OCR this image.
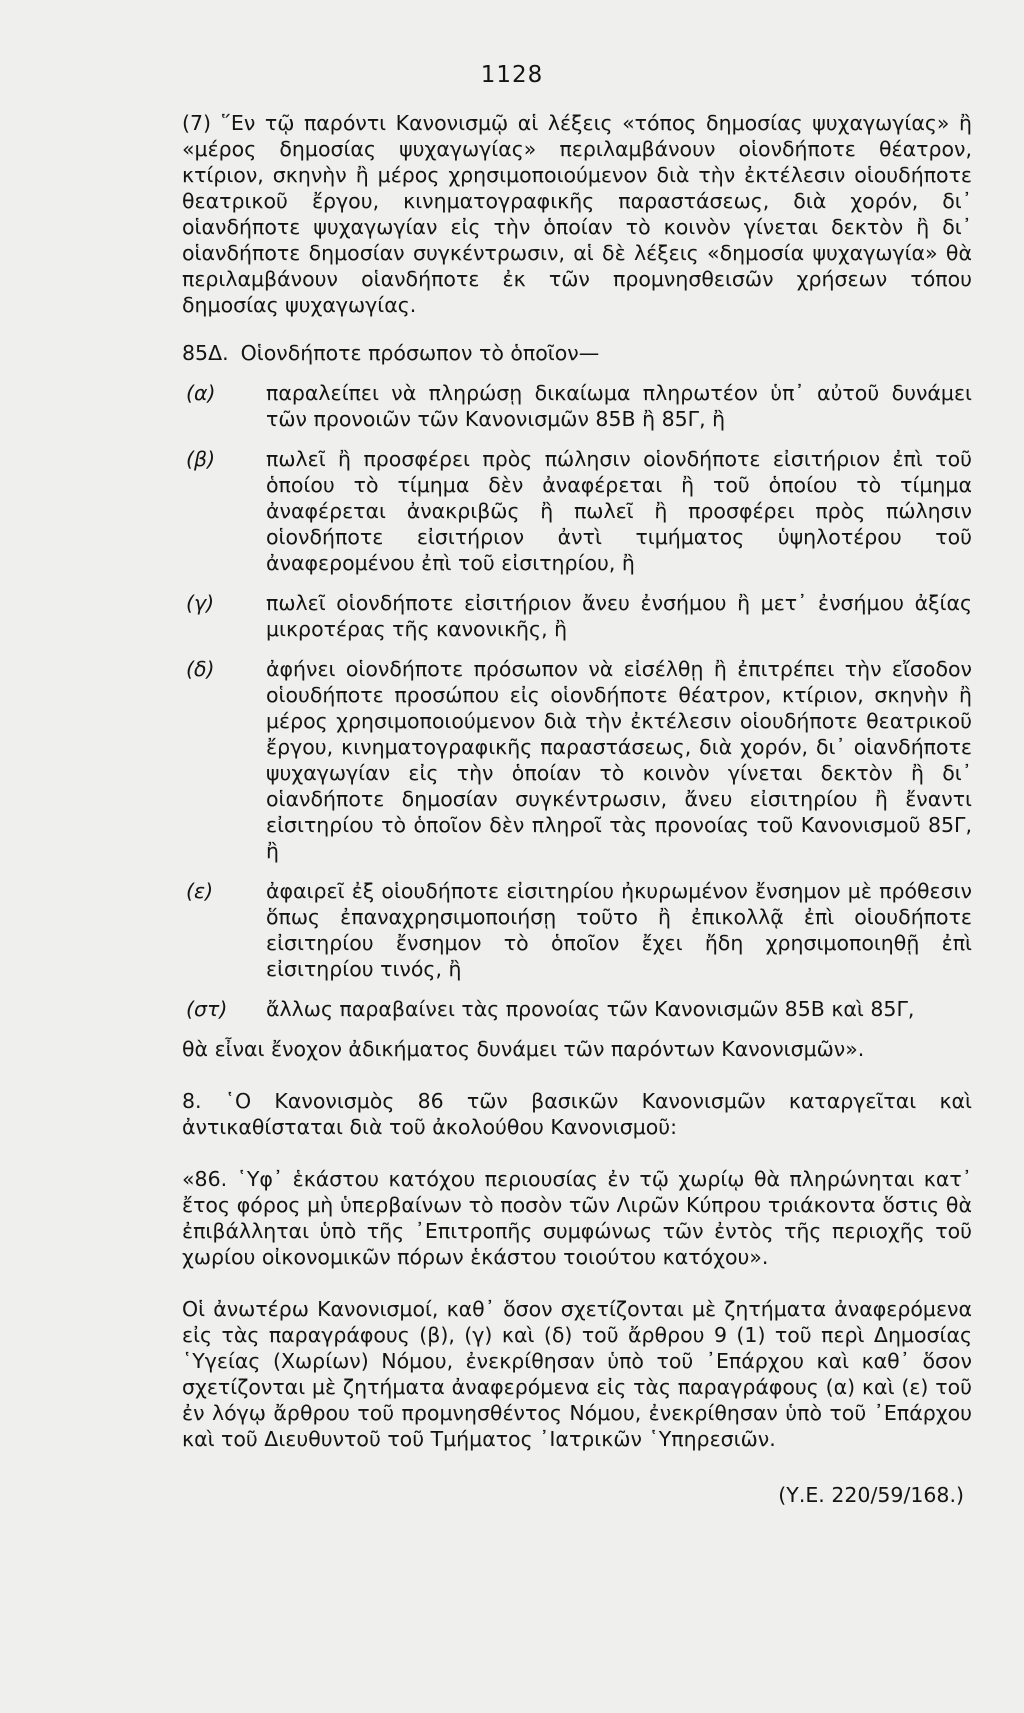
1128

(7) ῞Εν τῷ παρόντι Κανονισμῷ αἱ λέξεις «τόπος δημοσίας ψυχαγωγίας» ἢ «μέρος δημοσίας ψυχαγωγίας» περιλαμβάνουν οἱονδήποτε θέατρον, κτίριον, σκηνὴν ἢ μέρος χρησιμοποιούμενον διὰ τὴν ἐκτέλεσιν οἱουδήποτε θεατρικοῦ ἔργου, κινηματογραφικῆς παραστάσεως, διὰ χορόν, δι᾽ οἱανδήποτε ψυχαγωγίαν εἰς τὴν ὁποίαν τὸ κοινὸν γίνεται δεκτὸν ἢ δι᾽ οἱανδήποτε δημοσίαν συγκέντρωσιν, αἱ δὲ λέξεις «δημοσία ψυχαγωγία» θὰ περιλαμβάνουν οἱανδήποτε ἐκ τῶν προμνησθεισῶν χρήσεων τόπου δημοσίας ψυχαγωγίας.

85Δ. Οἱονδήποτε πρόσωπον τὸ ὁποῖον—
(α)	παραλείπει νὰ πληρώσῃ δικαίωμα πληρωτέον ὑπ᾽ αὐτοῦ δυνάμει τῶν προνοιῶν τῶν Κανονισμῶν 85Β ἢ 85Γ, ἢ
(β)	πωλεῖ ἢ προσφέρει πρὸς πώλησιν οἱονδήποτε εἰσιτήριον ἐπὶ τοῦ ὁποίου τὸ τίμημα δὲν ἀναφέρεται ἢ τοῦ ὁποίου τὸ τίμημα ἀναφέρεται ἀνακριβῶς ἢ πωλεῖ ἢ προσφέρει πρὸς πώλησιν οἱονδήποτε εἰσιτήριον ἀντὶ τιμήματος ὑψηλοτέρου τοῦ ἀναφερομένου ἐπὶ τοῦ εἰσιτηρίου, ἢ
(γ)	πωλεῖ οἱονδήποτε εἰσιτήριον ἄνευ ἐνσήμου ἢ μετ᾽ ἐνσήμου ἀξίας μικροτέρας τῆς κανονικῆς, ἢ
(δ)	ἀφήνει οἱονδήποτε πρόσωπον νὰ εἰσέλθῃ ἢ ἐπιτρέπει τὴν εἴσοδον οἱουδήποτε προσώπου εἰς οἱονδήποτε θέατρον, κτίριον, σκηνὴν ἢ μέρος χρησιμοποιούμενον διὰ τὴν ἐκτέλεσιν οἱουδήποτε θεατρικοῦ ἔργου, κινηματογραφικῆς παραστάσεως, διὰ χορόν, δι᾽ οἱανδήποτε ψυχαγωγίαν εἰς τὴν ὁποίαν τὸ κοινὸν γίνεται δεκτὸν ἢ δι᾽ οἱανδήποτε δημοσίαν συγκέντρωσιν, ἄνευ εἰσιτηρίου ἢ ἔναντι εἰσιτηρίου τὸ ὁποῖον δὲν πληροῖ τὰς προνοίας τοῦ Κανονισμοῦ 85Γ, ἢ
(ε)	ἀφαιρεῖ ἐξ οἱουδήποτε εἰσιτηρίου ἠκυρωμένον ἔνσημον μὲ πρόθεσιν ὅπως ἐπαναχρησιμοποιήσῃ τοῦτο ἢ ἐπικολλᾷ ἐπὶ οἱουδήποτε εἰσιτηρίου ἔνσημον τὸ ὁποῖον ἔχει ἤδη χρησιμοποιηθῇ ἐπὶ εἰσιτηρίου τινός, ἢ
(στ)	ἄλλως παραβαίνει τὰς προνοίας τῶν Κανονισμῶν 85Β καὶ 85Γ,

θὰ εἶναι ἔνοχον ἀδικήματος δυνάμει τῶν παρόντων Κανονισμῶν».

8. ῾Ο Κανονισμὸς 86 τῶν βασικῶν Κανονισμῶν καταργεῖται καὶ ἀντικαθίσταται διὰ τοῦ ἀκολούθου Κανονισμοῦ:

«86. ῾Υφ᾽ ἑκάστου κατόχου περιουσίας ἐν τῷ χωρίῳ θὰ πληρώνηται κατ᾽ ἔτος φόρος μὴ ὑπερβαίνων τὸ ποσὸν τῶν Λιρῶν Κύπρου τριάκοντα ὅστις θὰ ἐπιβάλληται ὑπὸ τῆς ᾽Επιτροπῆς συμφώνως τῶν ἐντὸς τῆς περιοχῆς τοῦ χωρίου οἰκονομικῶν πόρων ἑκάστου τοιούτου κατόχου».

Οἱ ἀνωτέρω Κανονισμοί, καθ᾽ ὅσον σχετίζονται μὲ ζητήματα ἀναφερόμενα εἰς τὰς παραγράφους (β), (γ) καὶ (δ) τοῦ ἄρθρου 9 (1) τοῦ περὶ Δημοσίας ῾Υγείας (Χωρίων) Νόμου, ἐνεκρίθησαν ὑπὸ τοῦ ᾽Επάρχου καὶ καθ᾽ ὅσον σχετίζονται μὲ ζητήματα ἀναφερόμενα εἰς τὰς παραγράφους (α) καὶ (ε) τοῦ ἐν λόγῳ ἄρθρου τοῦ προμνησθέντος Νόμου, ἐνεκρίθησαν ὑπὸ τοῦ ᾽Επάρχου καὶ τοῦ Διευθυντοῦ τοῦ Τμήματος ᾽Ιατρικῶν ῾Υπηρεσιῶν.

(Υ.Ε. 220/59/168.)
